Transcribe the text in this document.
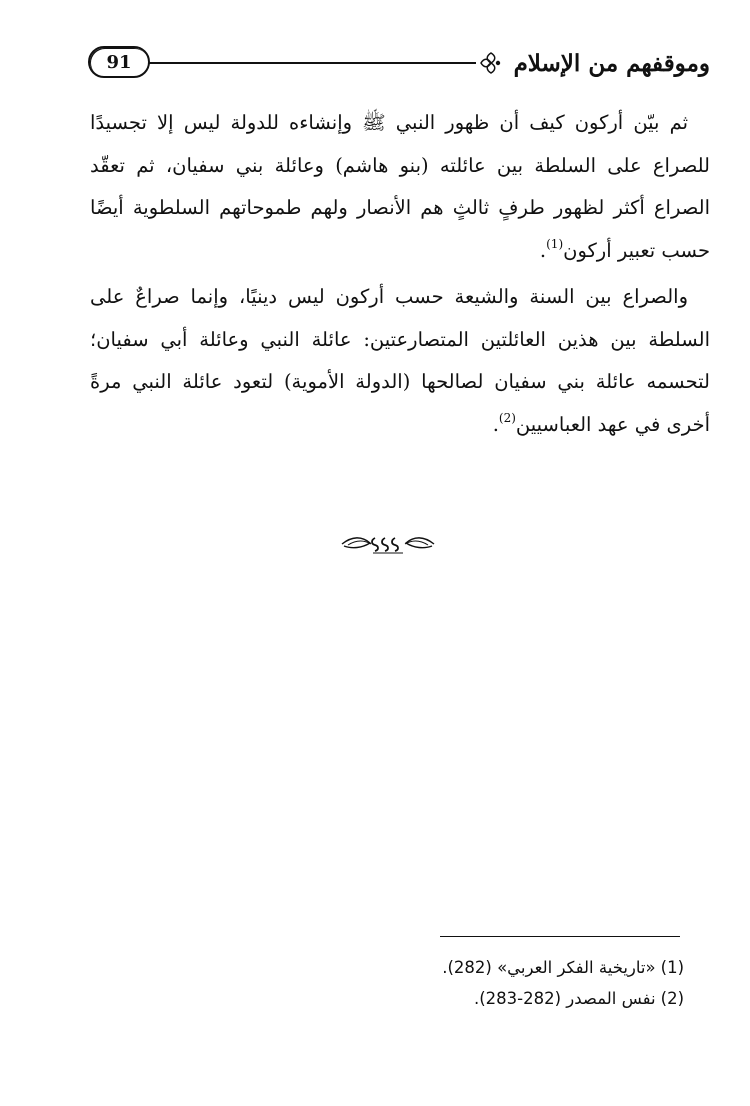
91	وموقفهم من الإسلام

ثم بيّن أركون كيف أن ظهور النبي ﷺ وإنشاءه للدولة ليس إلا تجسيدًا للصراع على السلطة بين عائلته (بنو هاشم) وعائلة بني سفيان، ثم تعقّد الصراع أكثر لظهور طرفٍ ثالثٍ هم الأنصار ولهم طموحاتهم السلطوية أيضًا حسب تعبير أركون$^{(1)}$.

والصراع بين السنة والشيعة حسب أركون ليس دينيًا، وإنما صراعٌ على السلطة بين هذين العائلتين المتصارعتين: عائلة النبي وعائلة أبي سفيان؛ لتحسمه عائلة بني سفيان لصالحها (الدولة الأموية) لتعود عائلة النبي مرةً أخرى في عهد العباسيين$^{(2)}$.

(1)«تاريخية الفكر العربي» (282).
(2)نفس المصدر (282-283).
